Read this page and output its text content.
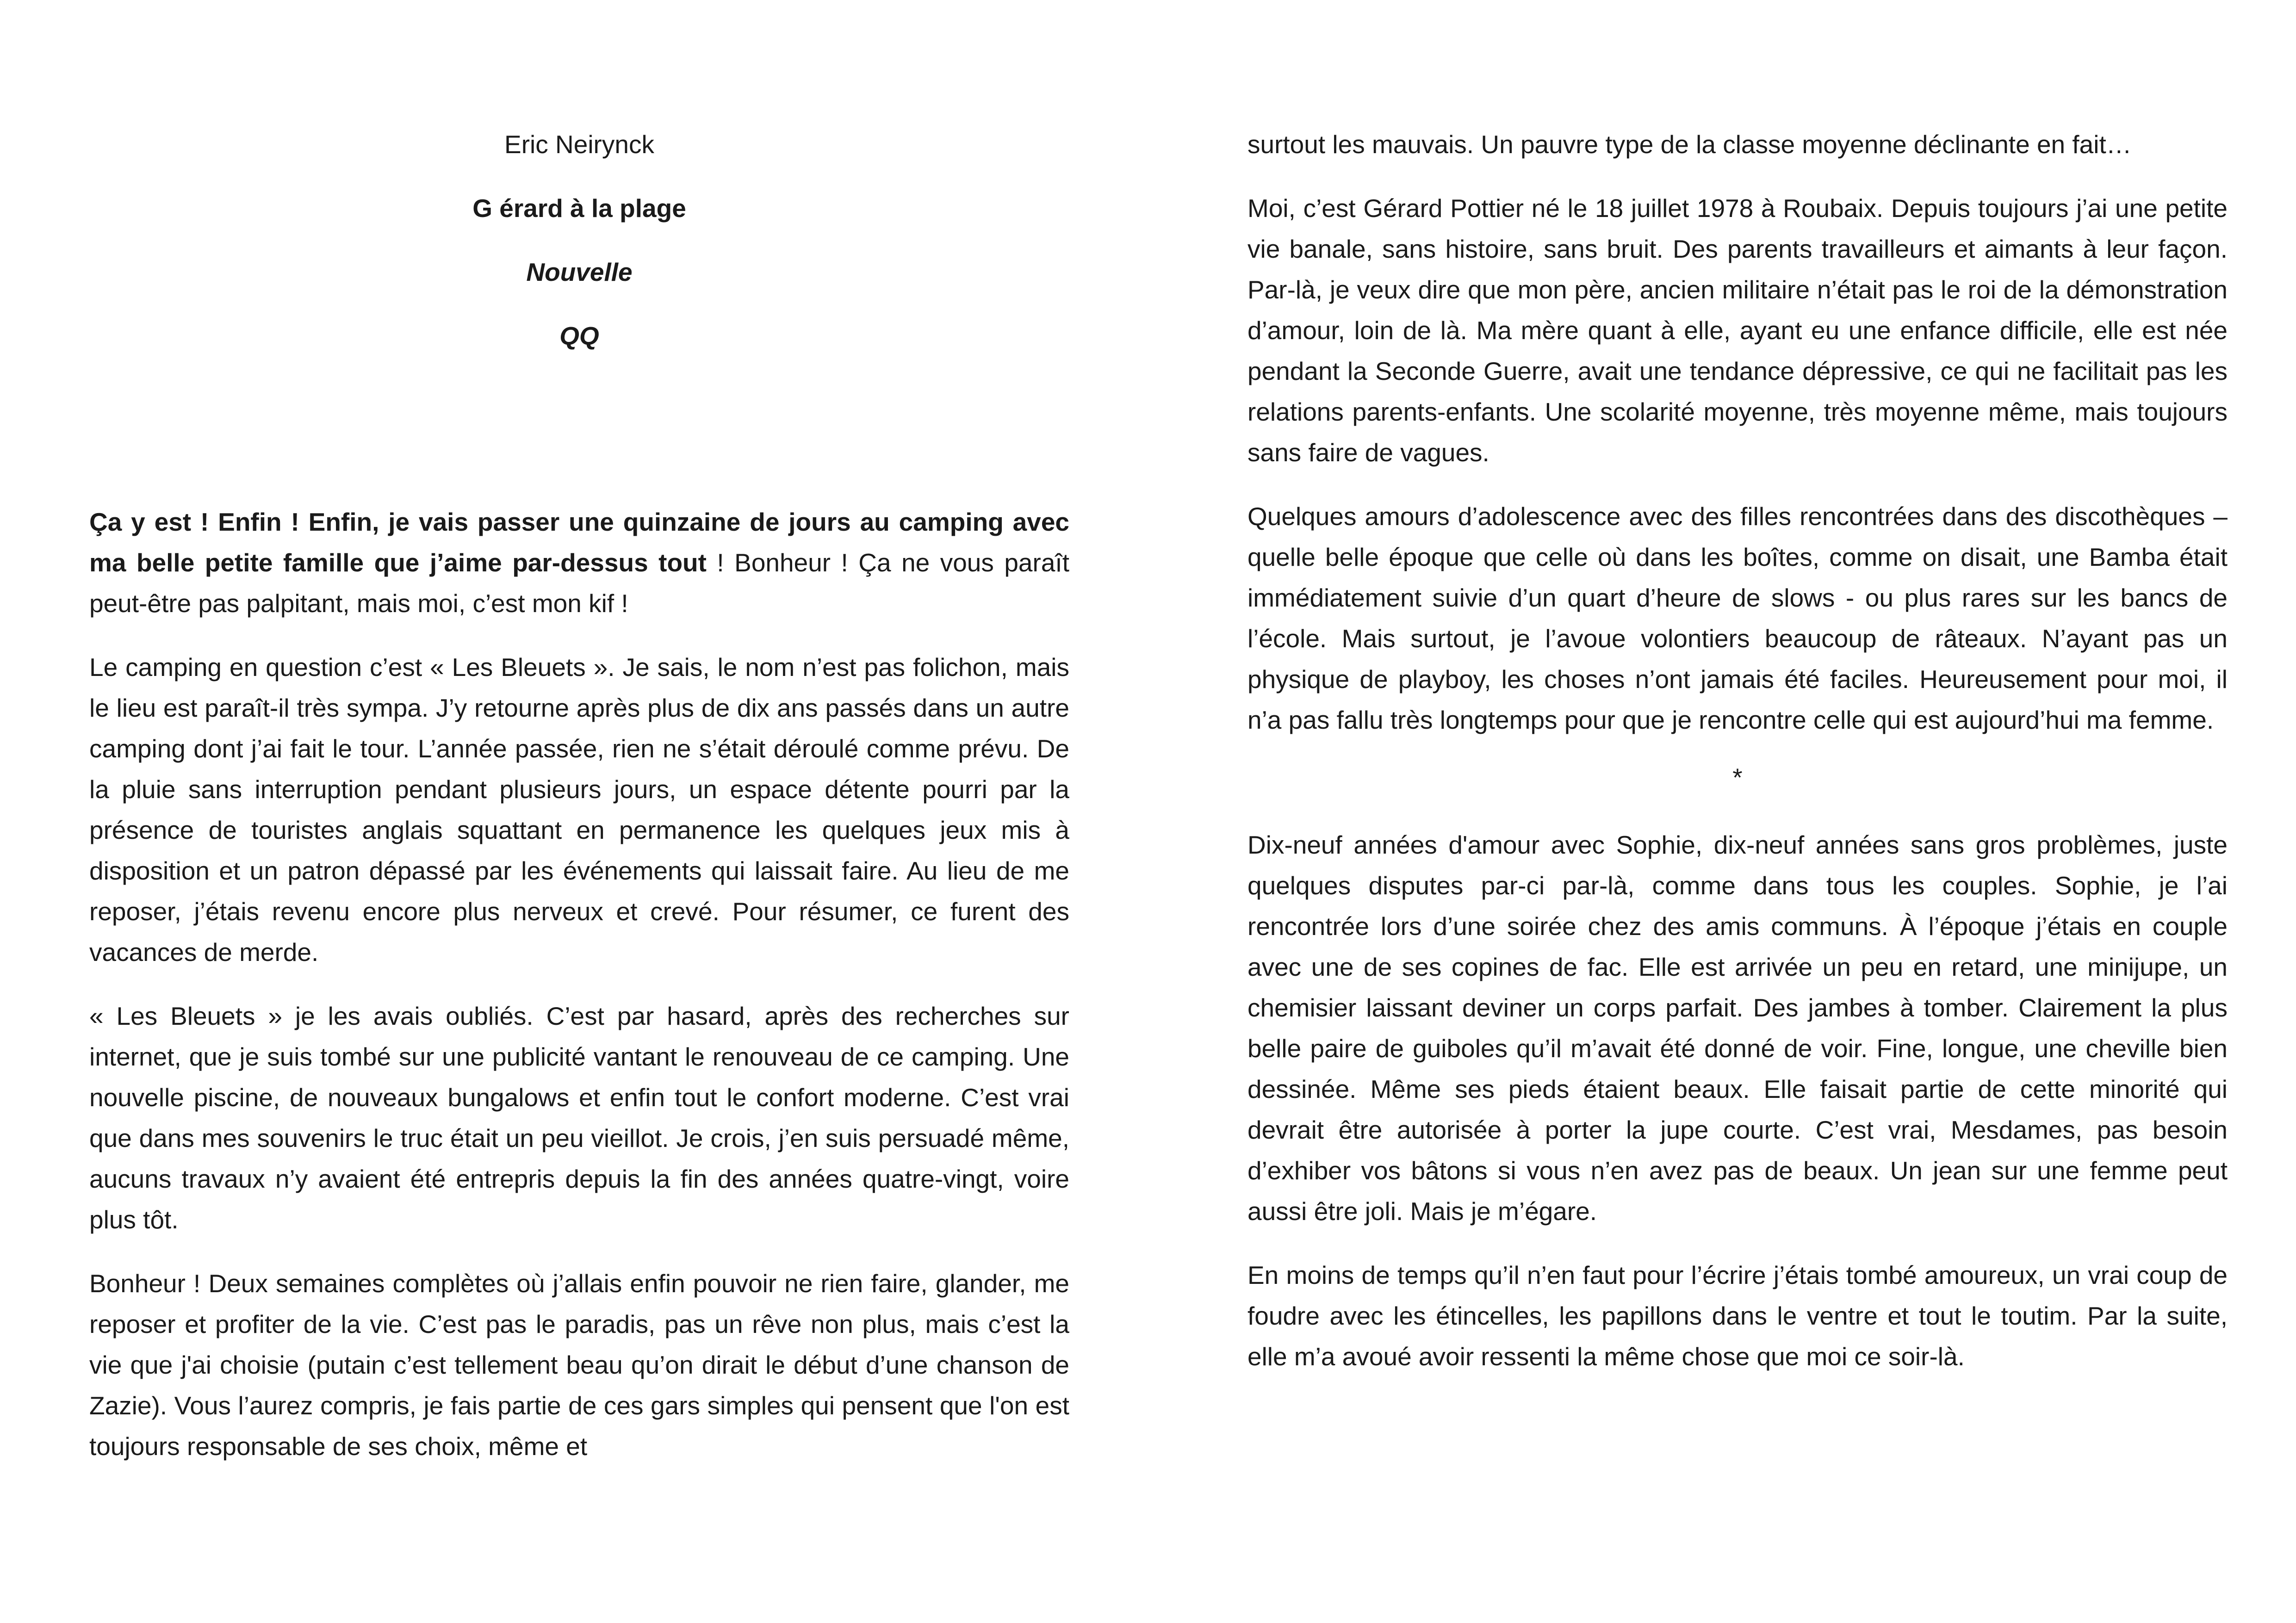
Eric Neirynck
G érard à la plage
Nouvelle
QQ

Ça y est ! Enfin ! Enfin, je vais passer une quinzaine de jours au camping avec ma belle petite famille que j’aime par-dessus tout ! Bonheur ! Ça ne vous paraît peut-être pas palpitant, mais moi, c’est mon kif !

Le camping en question c’est « Les Bleuets ». Je sais, le nom n’est pas folichon, mais le lieu est paraît-il très sympa. J’y retourne après plus de dix ans passés dans un autre camping dont j’ai fait le tour. L’année passée, rien ne s’était déroulé comme prévu. De la pluie sans interruption pendant plusieurs jours, un espace détente pourri par la présence de touristes anglais squattant en permanence les quelques jeux mis à disposition et un patron dépassé par les événements qui laissait faire. Au lieu de me reposer, j’étais revenu encore plus nerveux et crevé. Pour résumer, ce furent des vacances de merde.

« Les Bleuets » je les avais oubliés. C’est par hasard, après des recherches sur internet, que je suis tombé sur une publicité vantant le renouveau de ce camping. Une nouvelle piscine, de nouveaux bungalows et enfin tout le confort moderne. C’est vrai que dans mes souvenirs le truc était un peu vieillot. Je crois, j’en suis persuadé même, aucuns travaux n’y avaient été entrepris depuis la fin des années quatre-vingt, voire plus tôt.

Bonheur ! Deux semaines complètes où j’allais enfin pouvoir ne rien faire, glander, me reposer et profiter de la vie. C’est pas le paradis, pas un rêve non plus, mais c’est la vie que j'ai choisie (putain c’est tellement beau qu’on dirait le début d’une chanson de Zazie). Vous l’aurez compris, je fais partie de ces gars simples qui pensent que l'on est toujours responsable de ses choix, même et

surtout les mauvais. Un pauvre type de la classe moyenne déclinante en fait…

Moi, c’est Gérard Pottier né le 18 juillet 1978 à Roubaix. Depuis toujours j’ai une petite vie banale, sans histoire, sans bruit. Des parents travailleurs et aimants à leur façon. Par-là, je veux dire que mon père, ancien militaire n’était pas le roi de la démonstration d’amour, loin de là. Ma mère quant à elle, ayant eu une enfance difficile, elle est née pendant la Seconde Guerre, avait une tendance dépressive, ce qui ne facilitait pas les relations parents-enfants. Une scolarité moyenne, très moyenne même, mais toujours sans faire de vagues.

Quelques amours d’adolescence avec des filles rencontrées dans des discothèques – quelle belle époque que celle où dans les boîtes, comme on disait, une Bamba était immédiatement suivie d’un quart d’heure de slows - ou plus rares sur les bancs de l’école. Mais surtout, je l’avoue volontiers beaucoup de râteaux. N’ayant pas un physique de playboy, les choses n’ont jamais été faciles. Heureusement pour moi, il n’a pas fallu très longtemps pour que je rencontre celle qui est aujourd’hui ma femme.

*

Dix-neuf années d'amour avec Sophie, dix-neuf années sans gros problèmes, juste quelques disputes par-ci par-là, comme dans tous les couples. Sophie, je l’ai rencontrée lors d’une soirée chez des amis communs. À l’époque j’étais en couple avec une de ses copines de fac. Elle est arrivée un peu en retard, une minijupe, un chemisier laissant deviner un corps parfait. Des jambes à tomber. Clairement la plus belle paire de guiboles qu’il m’avait été donné de voir. Fine, longue, une cheville bien dessinée. Même ses pieds étaient beaux. Elle faisait partie de cette minorité qui devrait être autorisée à porter la jupe courte. C’est vrai, Mesdames, pas besoin d’exhiber vos bâtons si vous n’en avez pas de beaux. Un jean sur une femme peut aussi être joli. Mais je m’égare.

En moins de temps qu’il n’en faut pour l’écrire j’étais tombé amoureux, un vrai coup de foudre avec les étincelles, les papillons dans le ventre et tout le toutim. Par la suite, elle m’a avoué avoir ressenti la même chose que moi ce soir-là.
